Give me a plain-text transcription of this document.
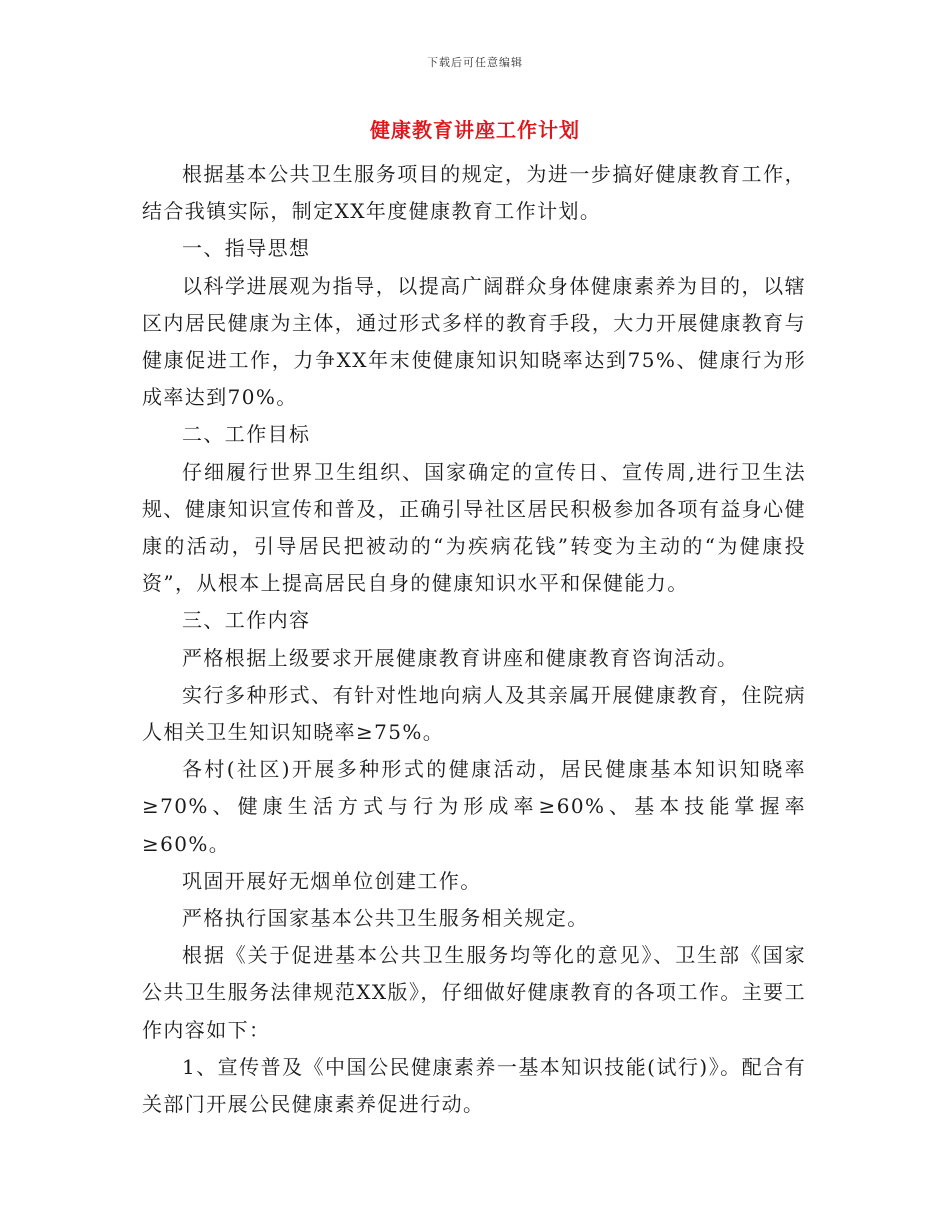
下载后可任意编辑
健康教育讲座工作计划

根据基本公共卫生服务项目的规定，为进一步搞好健康教育工作，结合我镇实际，制定XX年度健康教育工作计划。

一、指导思想

以科学进展观为指导，以提高广阔群众身体健康素养为目的，以辖区内居民健康为主体，通过形式多样的教育手段，大力开展健康教育与健康促进工作，力争XX年末使健康知识知晓率达到75%、健康行为形成率达到70%。

二、工作目标

仔细履行世界卫生组织、国家确定的宣传日、宣传周,进行卫生法规、健康知识宣传和普及，正确引导社区居民积极参加各项有益身心健康的活动，引导居民把被动的“为疾病花钱”转变为主动的“为健康投资”，从根本上提高居民自身的健康知识水平和保健能力。

三、工作内容

严格根据上级要求开展健康教育讲座和健康教育咨询活动。

实行多种形式、有针对性地向病人及其亲属开展健康教育，住院病人相关卫生知识知晓率≥75%。

各村(社区)开展多种形式的健康活动，居民健康基本知识知晓率≥70%、健康生活方式与行为形成率≥60%、基本技能掌握率≥60%。

巩固开展好无烟单位创建工作。

严格执行国家基本公共卫生服务相关规定。

根据《关于促进基本公共卫生服务均等化的意见》、卫生部《国家公共卫生服务法律规范XX版》，仔细做好健康教育的各项工作。主要工作内容如下：

1、宣传普及《中国公民健康素养一基本知识技能(试行)》。配合有关部门开展公民健康素养促进行动。
